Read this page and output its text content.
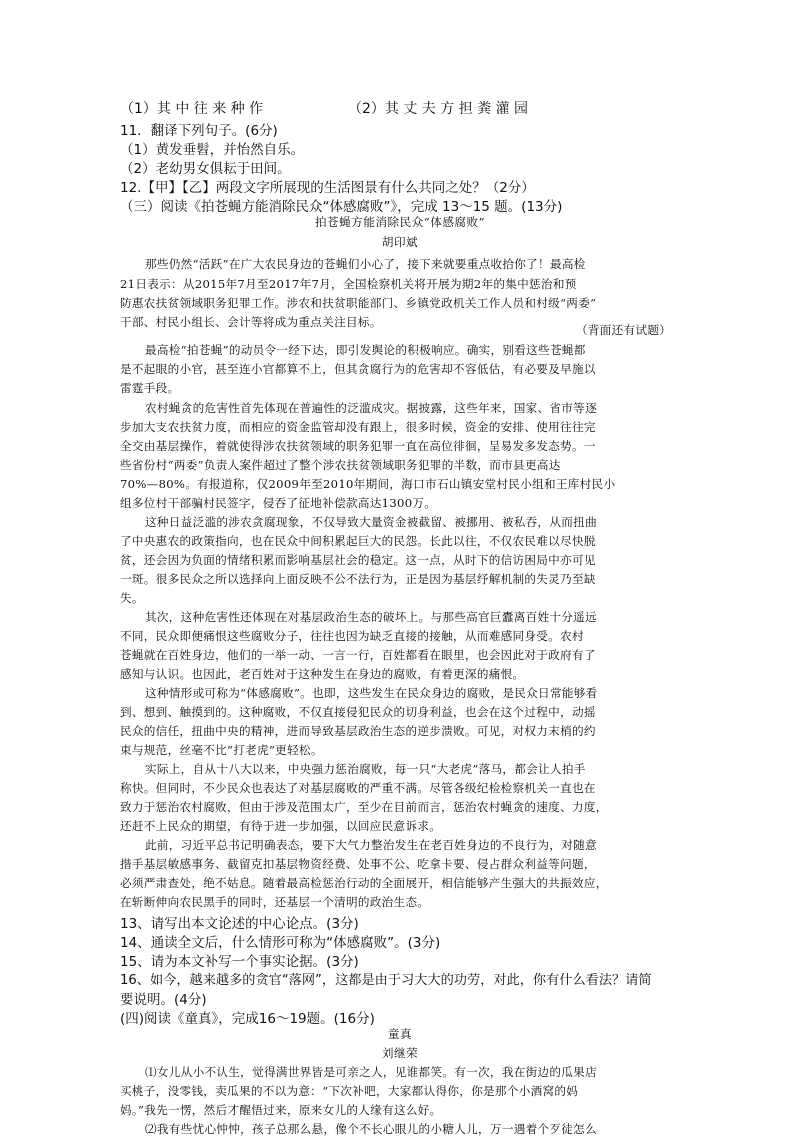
（1）其 中 往 来 种 作	（2）其 丈 夫 方 担 粪 灌 园
11．翻译下列句子。(6分)
（1）黄发垂髫，并怡然自乐。
（2）老幼男女俱耘于田间。
12.【甲】【乙】两段文字所展现的生活图景有什么共同之处？（2分）
（三）阅读《拍苍蝇方能消除民众“体感腐败”》，完成 13～15 题。(13分)
拍苍蝇方能消除民众“体感腐败”
胡印斌
那些仍然“活跃”在广大农民身边的苍蝇们小心了，接下来就要重点收拾你了！最高检
21日表示：从2015年7月至2017年7月，全国检察机关将开展为期2年的集中惩治和预
防惠农扶贫领域职务犯罪工作。涉农和扶贫职能部门、乡镇党政机关工作人员和村级“两委”
干部、村民小组长、会计等将成为重点关注目标。
（背面还有试题）
最高检“拍苍蝇”的动员令一经下达，即引发舆论的积极响应。确实，别看这些苍蝇都
是不起眼的小官，甚至连小官都算不上，但其贪腐行为的危害却不容低估，有必要及早施以
雷霆手段。
农村蝇贪的危害性首先体现在普遍性的泛滥成灾。据披露，这些年来，国家、省市等逐
步加大支农扶贫力度，而相应的资金监管却没有跟上，很多时候，资金的安排、使用往往完
全交由基层操作，着就使得涉农扶贫领域的职务犯罪一直在高位徘徊，呈易发多发态势。一
些省份村“两委”负责人案件超过了整个涉农扶贫领域职务犯罪的半数，而市县更高达
70%—80%。有报道称，仅2009年至2010年期间，海口市石山镇安堂村民小组和王库村民小
组多位村干部骗村民签字，侵吞了征地补偿款高达1300万。
这种日益泛滥的涉农贪腐现象，不仅导致大量资金被截留、被挪用、被私吞，从而扭曲
了中央惠农的政策指向，也在民众中间积累起巨大的民怨。长此以往，不仅农民难以尽快脱
贫，还会因为负面的情绪积累而影响基层社会的稳定。这一点，从时下的信访困局中亦可见
一斑。很多民众之所以选择向上面反映不公不法行为，正是因为基层纾解机制的失灵乃至缺
失。
其次，这种危害性还体现在对基层政治生态的破坏上。与那些高官巨蠹离百姓十分遥远
不同，民众即便痛恨这些腐败分子，往往也因为缺乏直接的接触，从而难感同身受。农村
苍蝇就在百姓身边，他们的一举一动、一言一行，百姓都看在眼里，也会因此对于政府有了
感知与认识。也因此，老百姓对于这种发生在身边的腐败，有着更深的痛恨。
这种情形或可称为“体感腐败”。也即，这些发生在民众身边的腐败，是民众日常能够看
到、想到、触摸到的。这种腐败，不仅直接侵犯民众的切身利益，也会在这个过程中，动摇
民众的信任，扭曲中央的精神，进而导致基层政治生态的逆步溃败。可见，对权力末梢的约
束与规范，丝毫不比“打老虎”更轻松。
实际上，自从十八大以来，中央强力惩治腐败，每一只“大老虎”落马，都会让人拍手
称快。但同时，不少民众也表达了对基层腐败的严重不满。尽管各级纪检检察机关一直也在
致力于惩治农村腐败，但由于涉及范围太广，至少在目前而言，惩治农村蝇贪的速度、力度，
还赶不上民众的期望，有待于进一步加强，以回应民意诉求。
此前，习近平总书记明确表态，要下大气力整治发生在老百姓身边的不良行为，对随意
揩手基层敏感事务、截留克扣基层物资经费、处事不公、吃拿卡要、侵占群众利益等问题，
必须严肃查处，绝不姑息。随着最高检惩治行动的全面展开，相信能够产生强大的共振效应，
在斩断伸向农民黑手的同时，还基层一个清明的政治生态。
13、请写出本文论述的中心论点。(3分)
14、通读全文后，什么情形可称为“体感腐败”。(3分)
15、请为本文补写一个事实论据。(3分)
16、如今，越来越多的贪官“落网”，这都是由于习大大的功劳，对此，你有什么看法？请简
要说明。(4分)
(四)阅读《童真》，完成16～19题。(16分)
童真
刘继荣
⑴女儿从小不认生，觉得满世界皆是可亲之人，见谁都笑。有一次，我在街边的瓜果店
买桃子，没零钱，卖瓜果的不以为意：“下次补吧，大家都认得你，你是那个小酒窝的妈
妈。”我先一愣，然后才醒悟过来，原来女儿的人缘有这么好。
⑵我有些忧心忡忡，孩子总那么悬，像个不长心眼儿的小糖人儿，万一遇着个歹徒怎么
